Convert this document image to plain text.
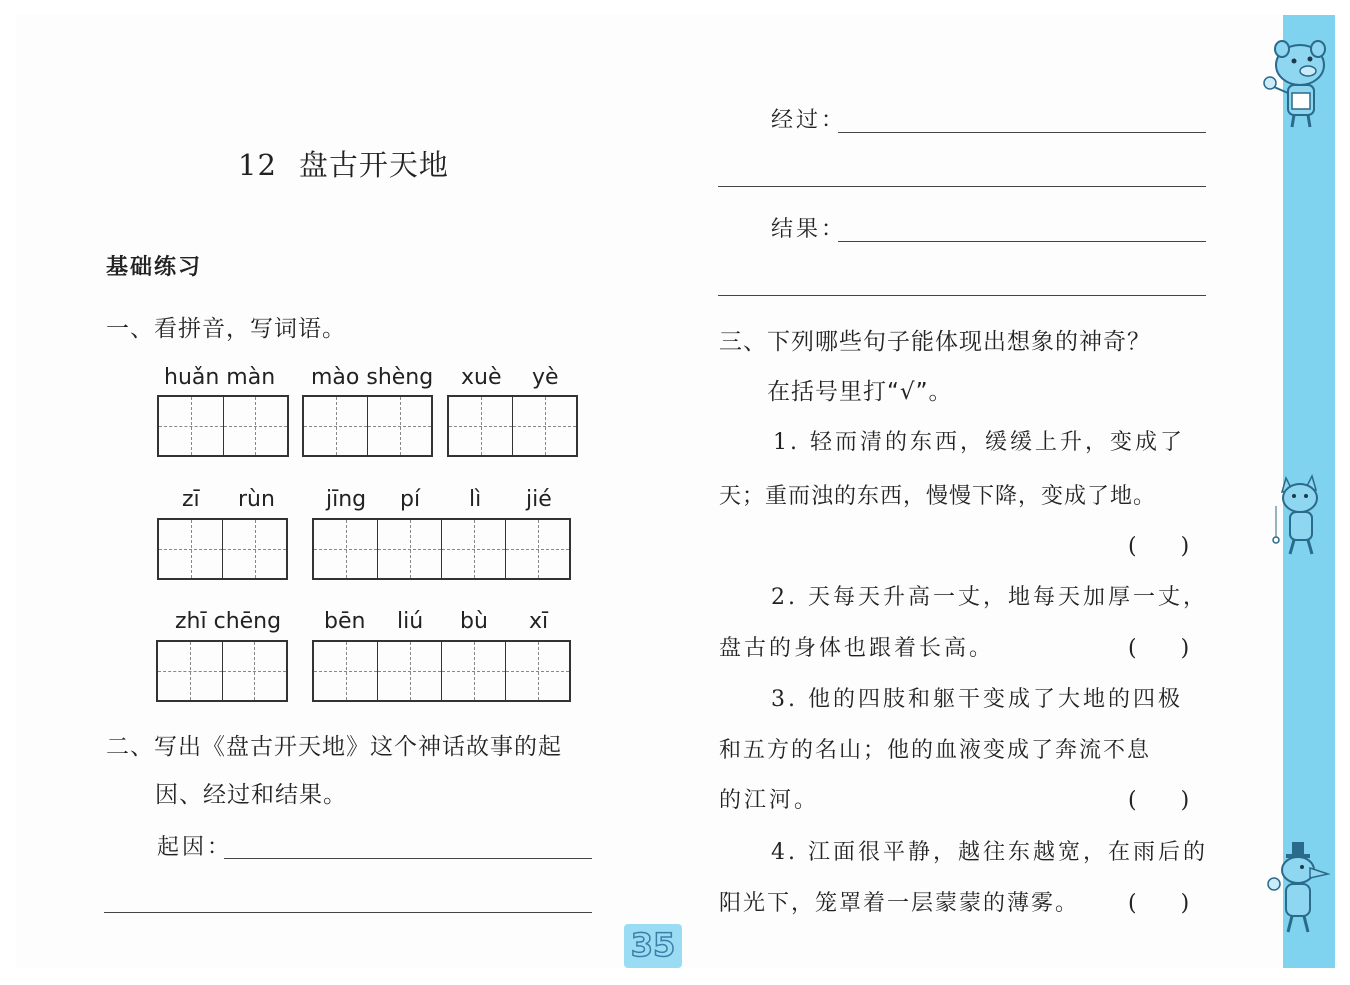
12 盘古开天地
基础练习
一、看拼音，写词语。
huǎn màn mào shèng xuè yè
zī rùn jīng pí lì jié
zhī chēng bēn liú bù xī
二、写出《盘古开天地》这个神话故事的起
因、经过和结果。
起因：
经过：
结果：
三、下列哪些句子能体现出想象的神奇？
在括号里打“√”。
1. 轻而清的东西，缓缓上升，变成了
天；重而浊的东西，慢慢下降，变成了地。
(　　)
2. 天每天升高一丈，地每天加厚一丈，
盘古的身体也跟着长高。	(　　)
3. 他的四肢和躯干变成了大地的四极
和五方的名山；他的血液变成了奔流不息
的江河。	(　　)
4. 江面很平静，越往东越宽，在雨后的
阳光下，笼罩着一层蒙蒙的薄雾。 (　　)
35
